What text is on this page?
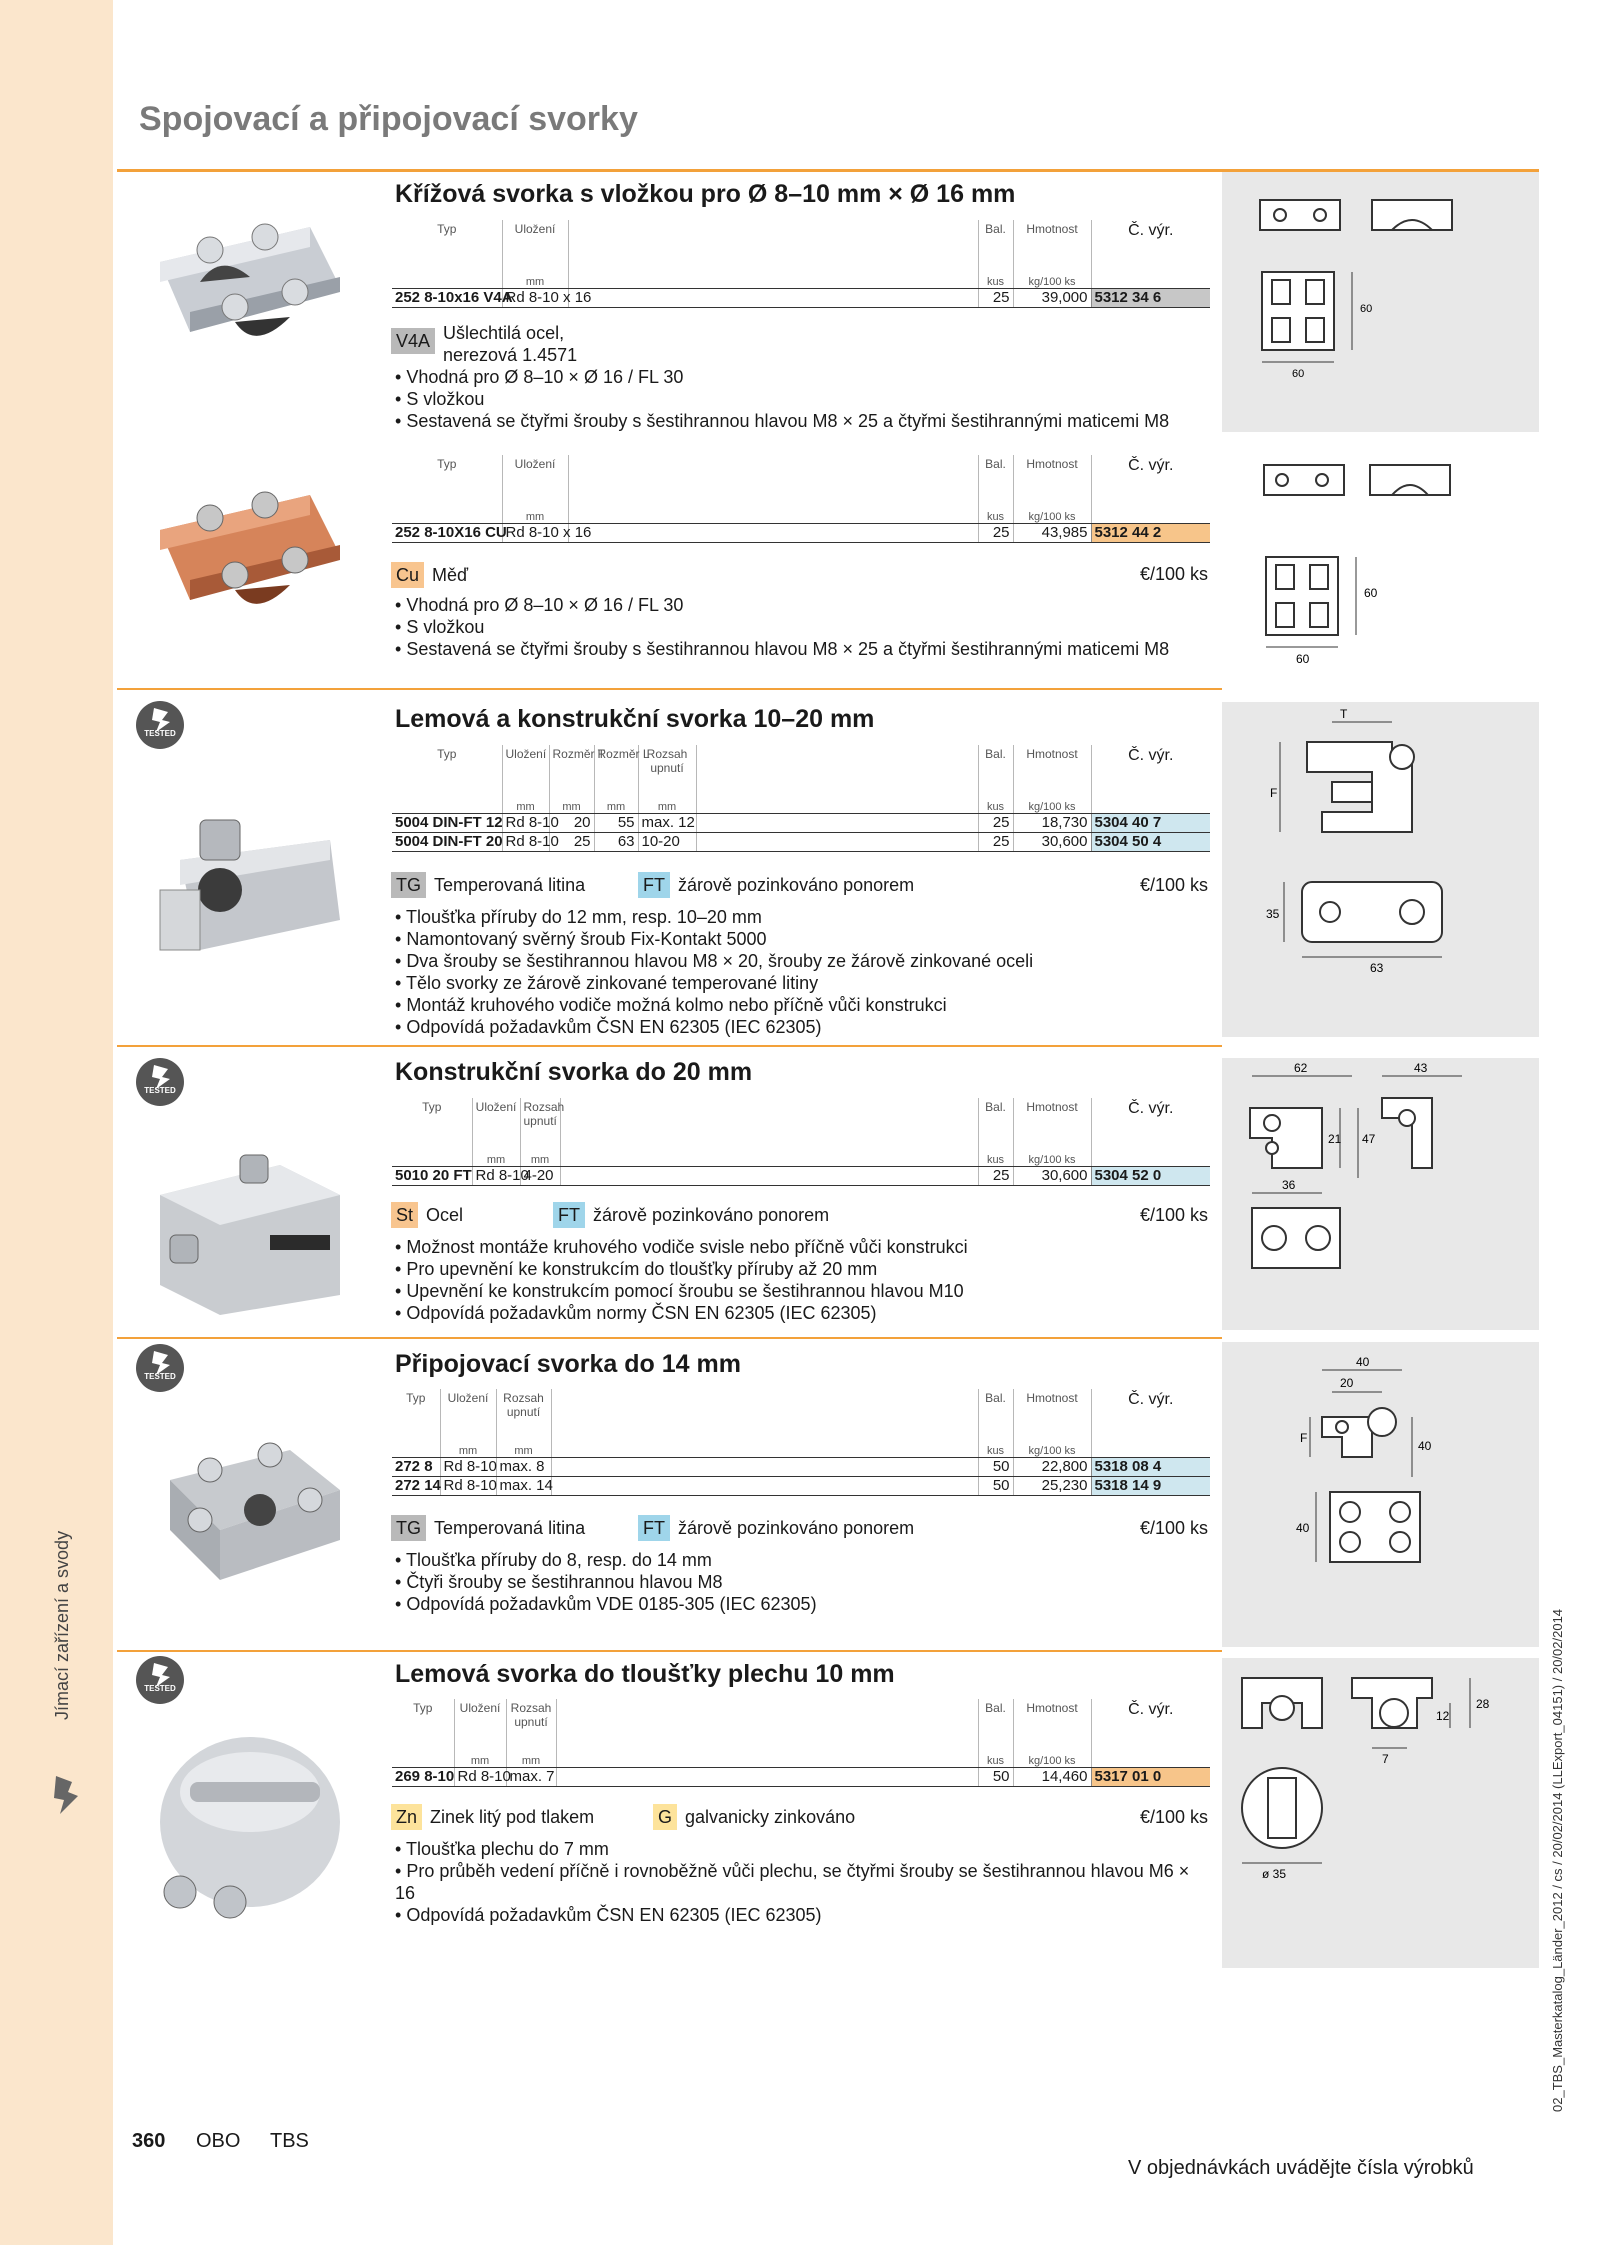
Jímací zařízení a svody	02_TBS_Masterkatalog_Länder_2012 / cs / 20/02/2014 (LLExport_04151) / 20/02/2014
Spojovací a připojovací svorky
60
60
Křížová svorka s vložkou pro Ø 8–10 mm × Ø 16 mm
Typ	Uložení		Bal.	Hmotnost	Č. výr.
	mm		kus	kg/100 ks	
252 8-10x16 V4A	Rd 8-10 x 16		25	39,000	5312 34 6
V4A Ušlechtilá ocel,
nerezová 1.4571
• Vhodná pro Ø 8–10 × Ø 16 / FL 30
• S vložkou
• Sestavená se čtyřmi šrouby s šestihrannou hlavou M8 × 25 a čtyřmi šestihrannými maticemi M8
60
60
Typ	Uložení		Bal.	Hmotnost	Č. výr.
	mm		kus	kg/100 ks	
252 8-10X16 CU	Rd 8-10 x 16		25	43,985	5312 44 2
Cu Měď	€/100 ks
• Vhodná pro Ø 8–10 × Ø 16 / FL 30
• S vložkou
• Sestavená se čtyřmi šrouby s šestihrannou hlavou M8 × 25 a čtyřmi šestihrannými maticemi M8
TESTED
T
F
35
63
Lemová a konstrukční svorka 10–20 mm
Typ	Uložení	Rozměr T	Rozměr L	Rozsah upnutí		Bal.	Hmotnost	Č. výr.
	mm	mm	mm	mm		kus	kg/100 ks	
5004 DIN-FT 12	Rd 8-10	20	55	max. 12		25	18,730	5304 40 7
5004 DIN-FT 20	Rd 8-10	25	63	10-20		25	30,600	5304 50 4
TG Temperovaná litina	FT žárově pozinkováno ponorem	€/100 ks
• Tloušťka příruby do 12 mm, resp. 10–20 mm
• Namontovaný svěrný šroub Fix-Kontakt 5000
• Dva šrouby se šestihrannou hlavou M8 × 20, šrouby ze žárově zinkované oceli
• Tělo svorky ze žárově zinkované temperované litiny
• Montáž kruhového vodiče možná kolmo nebo příčně vůči konstrukci
• Odpovídá požadavkům ČSN EN 62305 (IEC 62305)
TESTED
62	43
21 47
36
Konstrukční svorka do 20 mm
Typ	Uložení	Rozsah upnutí		Bal.	Hmotnost	Č. výr.
	mm	mm		kus	kg/100 ks	
5010 20 FT	Rd 8-10	4-20		25	30,600	5304 52 0
St Ocel	FT žárově pozinkováno ponorem	€/100 ks
• Možnost montáže kruhového vodiče svisle nebo příčně vůči konstrukci
• Pro upevnění ke konstrukcím do tloušťky příruby až 20 mm
• Upevnění ke konstrukcím pomocí šroubu se šestihrannou hlavou M10
• Odpovídá požadavkům normy ČSN EN 62305 (IEC 62305)
TESTED
40
20
F
40
40
Připojovací svorka do 14 mm
Typ	Uložení	Rozsah upnutí		Bal.	Hmotnost	Č. výr.
	mm	mm		kus	kg/100 ks	
272 8	Rd 8-10	max. 8		50	22,800	5318 08 4
272 14	Rd 8-10	max. 14		50	25,230	5318 14 9
TG Temperovaná litina	FT žárově pozinkováno ponorem	€/100 ks
• Tloušťka příruby do 8, resp. do 14 mm
• Čtyři šrouby se šestihrannou hlavou M8
• Odpovídá požadavkům VDE 0185-305 (IEC 62305)
TESTED
12
28
7
ø 35
Lemová svorka do tloušťky plechu 10 mm
Typ	Uložení	Rozsah upnutí		Bal.	Hmotnost	Č. výr.
	mm	mm		kus	kg/100 ks	
269 8-10	Rd 8-10	max. 7		50	14,460	5317 01 0
Zn Zinek litý pod tlakem	G galvanicky zinkováno	€/100 ks
• Tloušťka plechu do 7 mm
• Pro průběh vedení příčně i rovnoběžně vůči plechu, se čtyřmi šrouby se šestihrannou hlavou M6 × 16
• Odpovídá požadavkům ČSN EN 62305 (IEC 62305)
360 OBO TBS
V objednávkách uvádějte čísla výrobků
